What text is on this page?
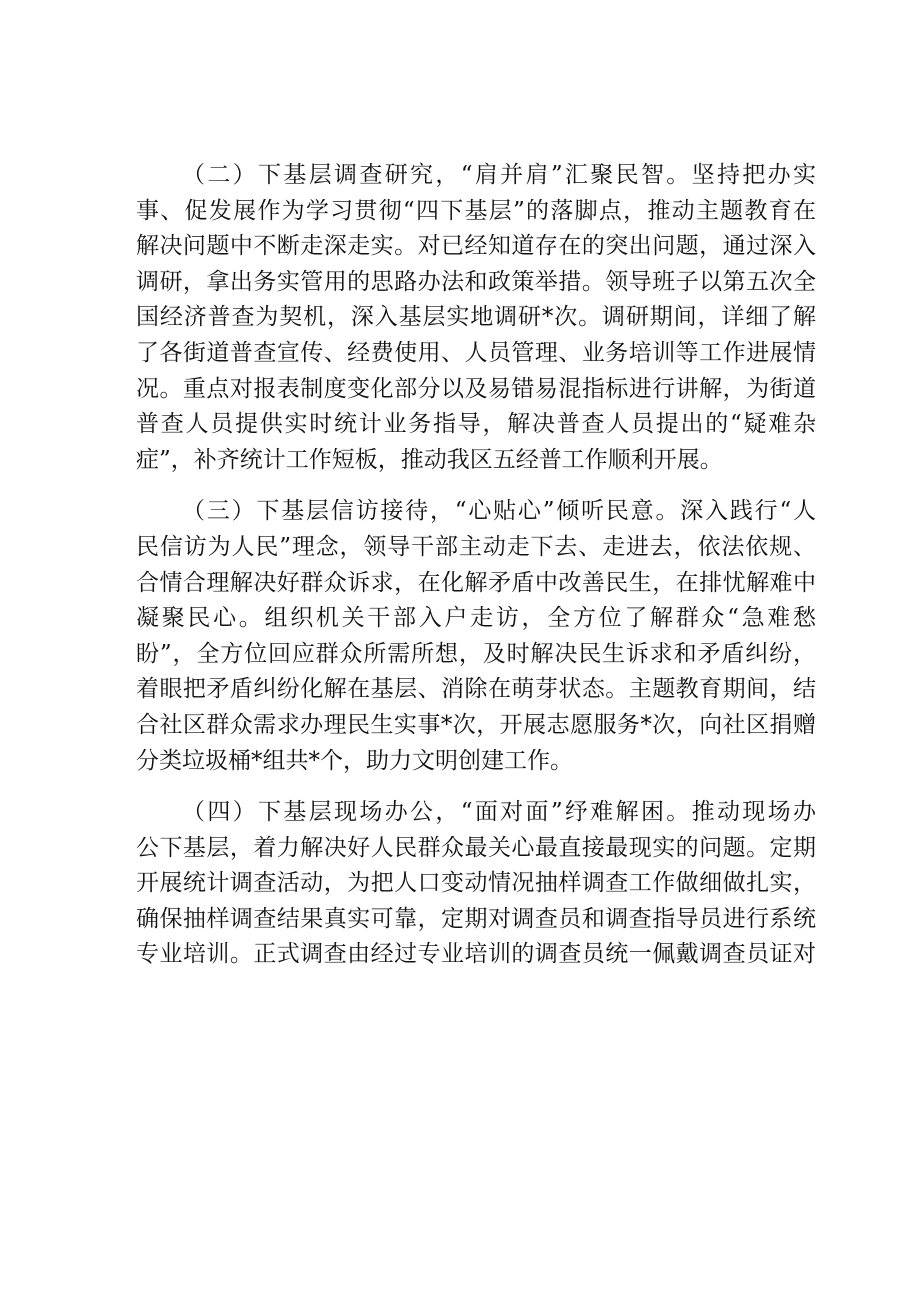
（二）下基层调查研究，“肩并肩”汇聚民智。坚持把办实
事、促发展作为学习贯彻“四下基层”的落脚点，推动主题教育在
解决问题中不断走深走实。对已经知道存在的突出问题，通过深入
调研，拿出务实管用的思路办法和政策举措。领导班子以第五次全
国经济普查为契机，深入基层实地调研*次。调研期间，详细了解
了各街道普查宣传、经费使用、人员管理、业务培训等工作进展情
况。重点对报表制度变化部分以及易错易混指标进行讲解，为街道
普查人员提供实时统计业务指导，解决普查人员提出的“疑难杂
症”，补齐统计工作短板，推动我区五经普工作顺利开展。
（三）下基层信访接待，“心贴心”倾听民意。深入践行“人
民信访为人民”理念，领导干部主动走下去、走进去，依法依规、
合情合理解决好群众诉求，在化解矛盾中改善民生，在排忧解难中
凝聚民心。组织机关干部入户走访，全方位了解群众“急难愁
盼”，全方位回应群众所需所想，及时解决民生诉求和矛盾纠纷，
着眼把矛盾纠纷化解在基层、消除在萌芽状态。主题教育期间，结
合社区群众需求办理民生实事*次，开展志愿服务*次，向社区捐赠
分类垃圾桶*组共*个，助力文明创建工作。
（四）下基层现场办公，“面对面”纾难解困。推动现场办
公下基层，着力解决好人民群众最关心最直接最现实的问题。定期
开展统计调查活动，为把人口变动情况抽样调查工作做细做扎实，
确保抽样调查结果真实可靠，定期对调查员和调查指导员进行系统
专业培训。正式调查由经过专业培训的调查员统一佩戴调查员证对
